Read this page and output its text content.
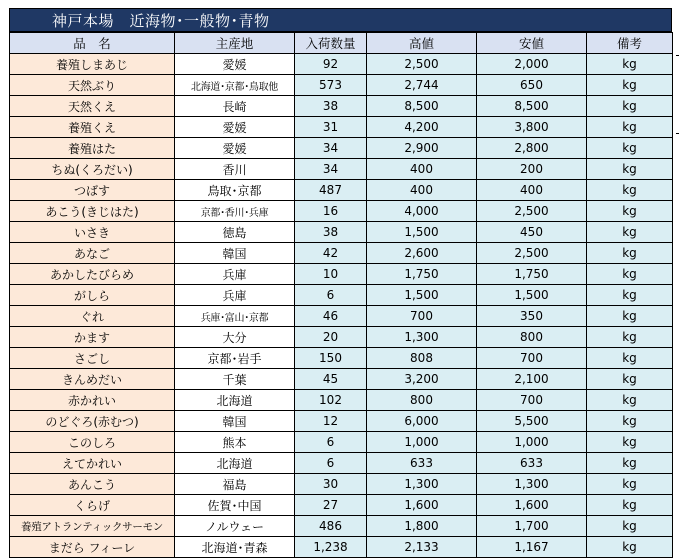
神戸本場　近海物･一般物･青物
品　名	主産地	入荷数量	高値	安値	備考
養殖しまあじ	愛媛	92	2,500	2,000	kg
天然ぶり	北海道･京都･鳥取他	573	2,744	650	kg
天然くえ	長崎	38	8,500	8,500	kg
養殖くえ	愛媛	31	4,200	3,800	kg
養殖はた	愛媛	34	2,900	2,800	kg
ちぬ(くろだい)	香川	34	400	200	kg
つばす	鳥取･京都	487	400	400	kg
あこう(きじはた)	京都･香川･兵庫	16	4,000	2,500	kg
いさき	徳島	38	1,500	450	kg
あなご	韓国	42	2,600	2,500	kg
あかしたびらめ	兵庫	10	1,750	1,750	kg
がしら	兵庫	6	1,500	1,500	kg
ぐれ	兵庫･富山･京都	46	700	350	kg
かます	大分	20	1,300	800	kg
さごし	京都･岩手	150	808	700	kg
きんめだい	千葉	45	3,200	2,100	kg
赤かれい	北海道	102	800	700	kg
のどぐろ(赤むつ)	韓国	12	6,000	5,500	kg
このしろ	熊本	6	1,000	1,000	kg
えてかれい	北海道	6	633	633	kg
あんこう	福島	30	1,300	1,300	kg
くらげ	佐賀･中国	27	1,600	1,600	kg
養殖アトランティックサーモン	ノルウェー	486	1,800	1,700	kg
まだら フィーレ	北海道･青森	1,238	2,133	1,167	kg
